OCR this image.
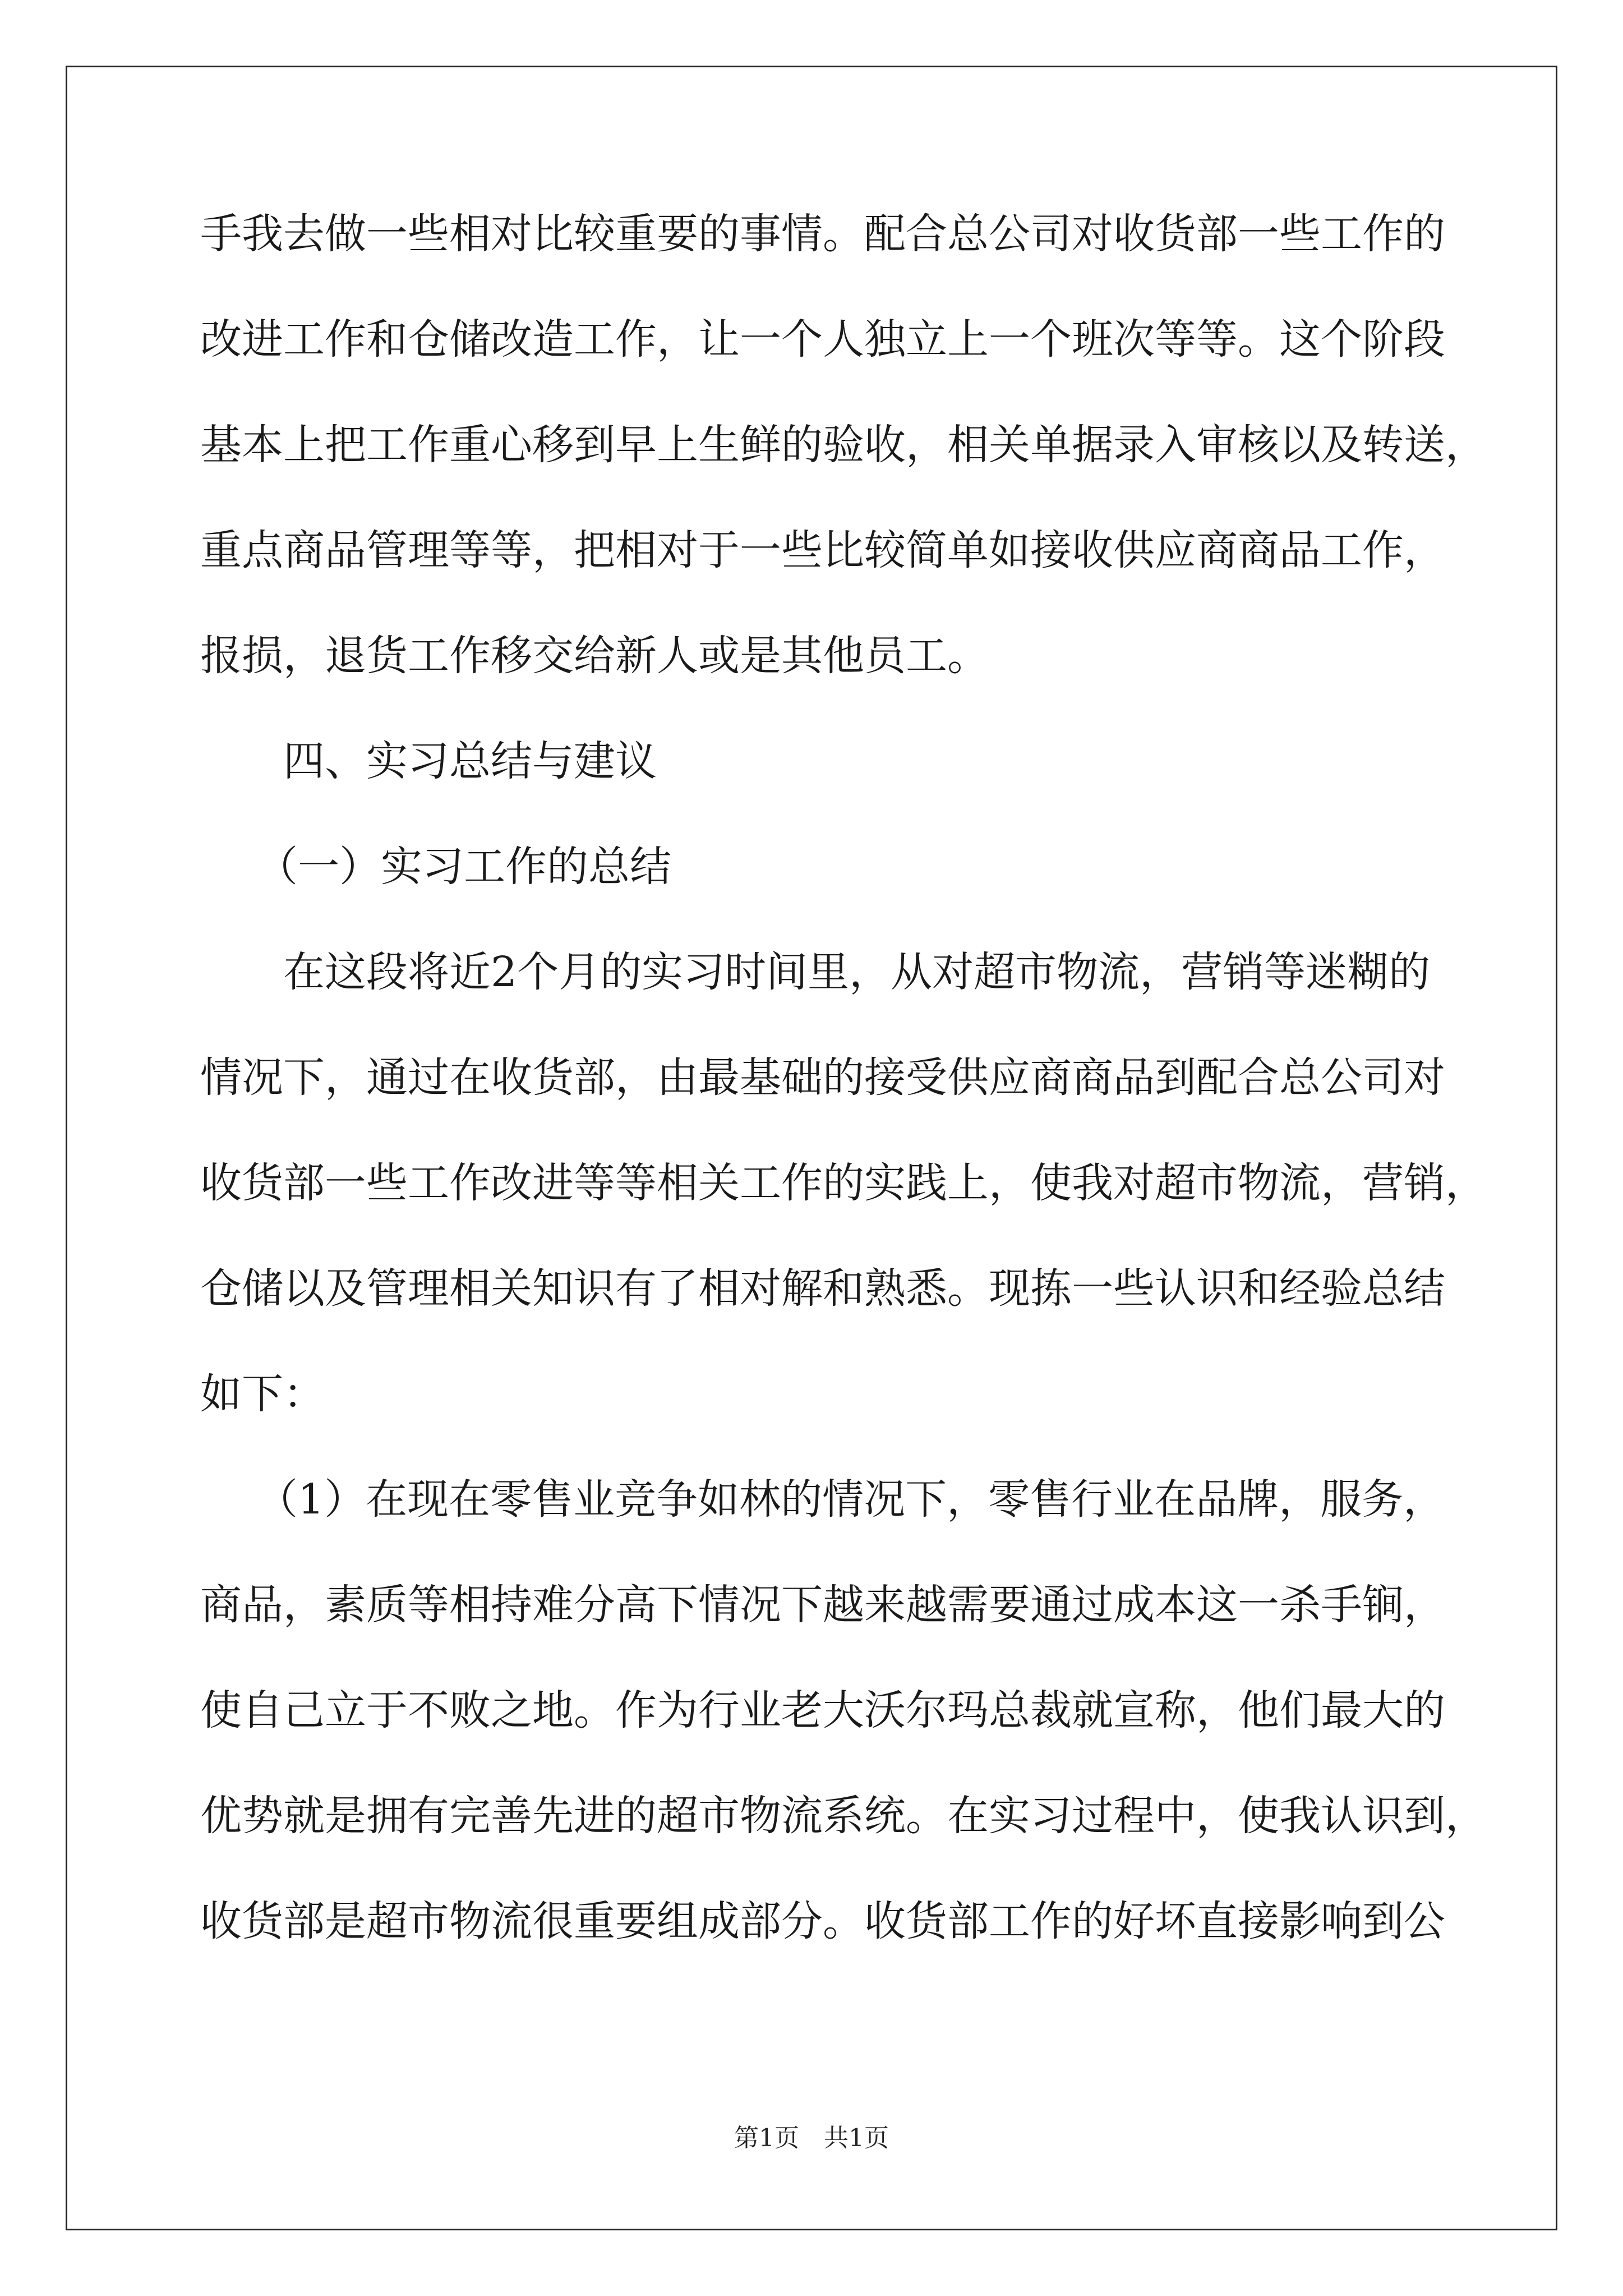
手我去做一些相对比较重要的事情。配合总公司对收货部一些工作的
改进工作和仓储改造工作，让一个人独立上一个班次等等。这个阶段
基本上把工作重心移到早上生鲜的验收，相关单据录入审核以及转送，
重点商品管理等等，把相对于一些比较简单如接收供应商商品工作，
报损，退货工作移交给新人或是其他员工。
四、实习总结与建议
（一）实习工作的总结
在这段将近2个月的实习时间里，从对超市物流，营销等迷糊的
情况下，通过在收货部，由最基础的接受供应商商品到配合总公司对
收货部一些工作改进等等相关工作的实践上，使我对超市物流，营销，
仓储以及管理相关知识有了相对解和熟悉。现拣一些认识和经验总结
如下：
（1）在现在零售业竞争如林的情况下，零售行业在品牌，服务，
商品，素质等相持难分高下情况下越来越需要通过成本这一杀手锏，
使自己立于不败之地。作为行业老大沃尔玛总裁就宣称，他们最大的
优势就是拥有完善先进的超市物流系统。在实习过程中，使我认识到，
收货部是超市物流很重要组成部分。收货部工作的好坏直接影响到公
第1页　共1页
